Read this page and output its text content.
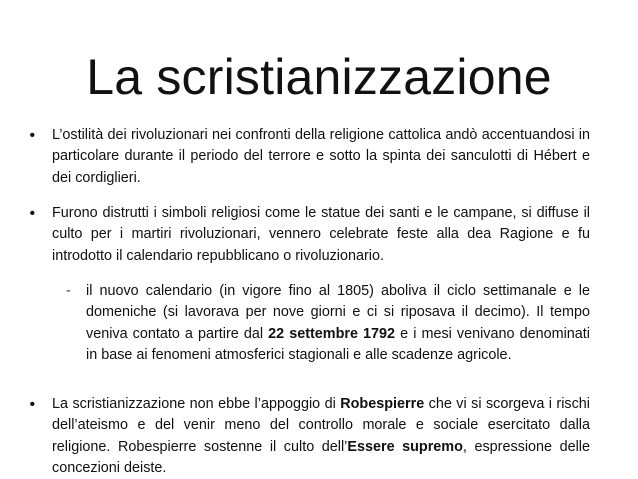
La scristianizzazione
• L’ostilità dei rivoluzionari nei confronti della religione cattolica andò accentuandosi in particolare durante il periodo del terrore e sotto la spinta dei sanculotti di Hébert e dei cordiglieri.
• Furono distrutti i simboli religiosi come le statue dei santi e le campane, si diffuse il culto per i martiri rivoluzionari, vennero celebrate feste alla dea Ragione e fu introdotto il calendario repubblicano o rivoluzionario.
- il nuovo calendario (in vigore fino al 1805) aboliva il ciclo settimanale e le domeniche (si lavorava per nove giorni e ci si riposava il decimo). Il tempo veniva contato a partire dal 22 settembre 1792 e i mesi venivano denominati in base ai fenomeni atmosferici stagionali e alle scadenze agricole.
• La scristianizzazione non ebbe l’appoggio di Robespierre che vi si scorgeva i rischi dell’ateismo e del venir meno del controllo morale e sociale esercitato dalla religione. Robespierre sostenne il culto dell’Essere supremo, espressione delle concezioni deiste.
